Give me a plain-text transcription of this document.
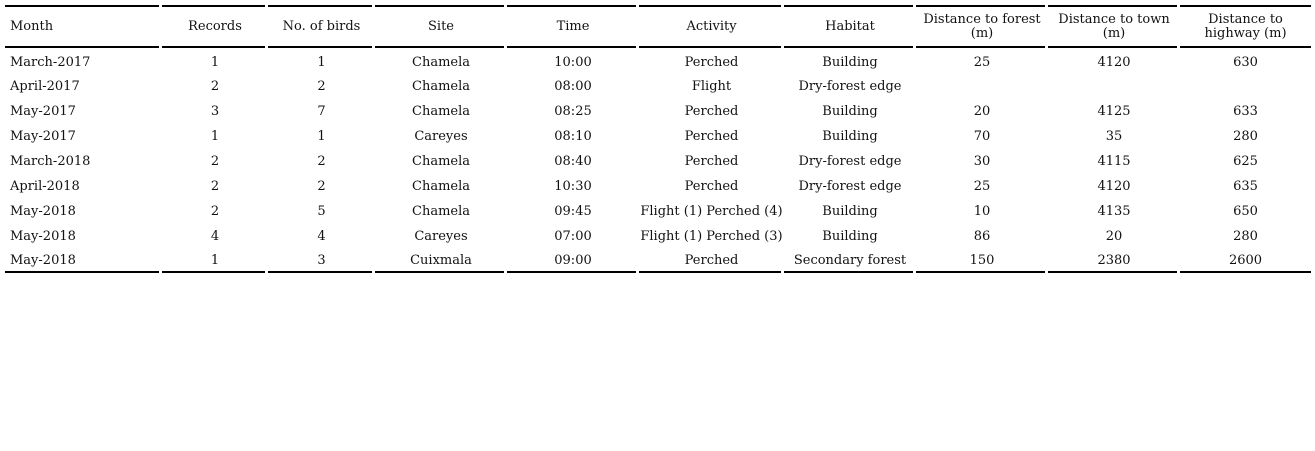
Month	Records	No. of birds	Site	Time	Activity	Habitat	Distance to forest (m)	Distance to town (m)	Distance to highway (m)
March-2017	1	1	Chamela	10:00	Perched	Building	25	4120	630
April-2017	2	2	Chamela	08:00	Flight	Dry-forest edge			
May-2017	3	7	Chamela	08:25	Perched	Building	20	4125	633
May-2017	1	1	Careyes	08:10	Perched	Building	70	35	280
March-2018	2	2	Chamela	08:40	Perched	Dry-forest edge	30	4115	625
April-2018	2	2	Chamela	10:30	Perched	Dry-forest edge	25	4120	635
May-2018	2	5	Chamela	09:45	Flight (1) Perched (4)	Building	10	4135	650
May-2018	4	4	Careyes	07:00	Flight (1) Perched (3)	Building	86	20	280
May-2018	1	3	Cuixmala	09:00	Perched	Secondary forest	150	2380	2600
